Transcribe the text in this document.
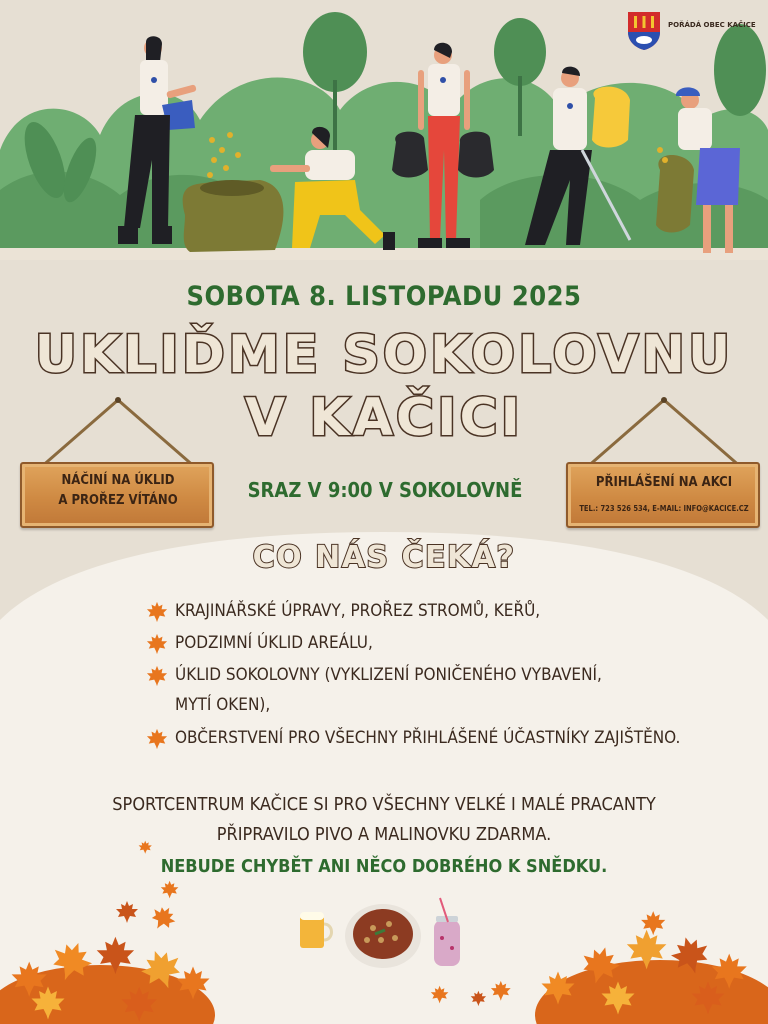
POŘÁDÁ OBEC KAČICE
SOBOTA 8. LISTOPADU 2025
UKLIĎME SOKOLOVNU
V KAČICI
NÁČINÍ NA ÚKLID
A PROŘEZ VÍTÁNO	SRAZ V 9:00 V SOKOLOVNĚ	PŘIHLÁŠENÍ NA AKCI
TEL.: 723 526 534, E-MAIL: INFO@KACICE.CZ
CO NÁS ČEKÁ?
KRAJINÁŘSKÉ ÚPRAVY, PROŘEZ STROMŮ, KEŘŮ,
PODZIMNÍ ÚKLID AREÁLU,
ÚKLID SOKOLOVNY (VYKLIZENÍ PONIČENÉHO VYBAVENÍ,
MYTÍ OKEN),
OBČERSTVENÍ PRO VŠECHNY PŘIHLÁŠENÉ ÚČASTNÍKY ZAJIŠTĚNO.
SPORTCENTRUM KAČICE SI PRO VŠECHNY VELKÉ I MALÉ PRACANTY
PŘIPRAVILO PIVO A MALINOVKU ZDARMA.
NEBUDE CHYBĚT ANI NĚCO DOBRÉHO K SNĚDKU.
